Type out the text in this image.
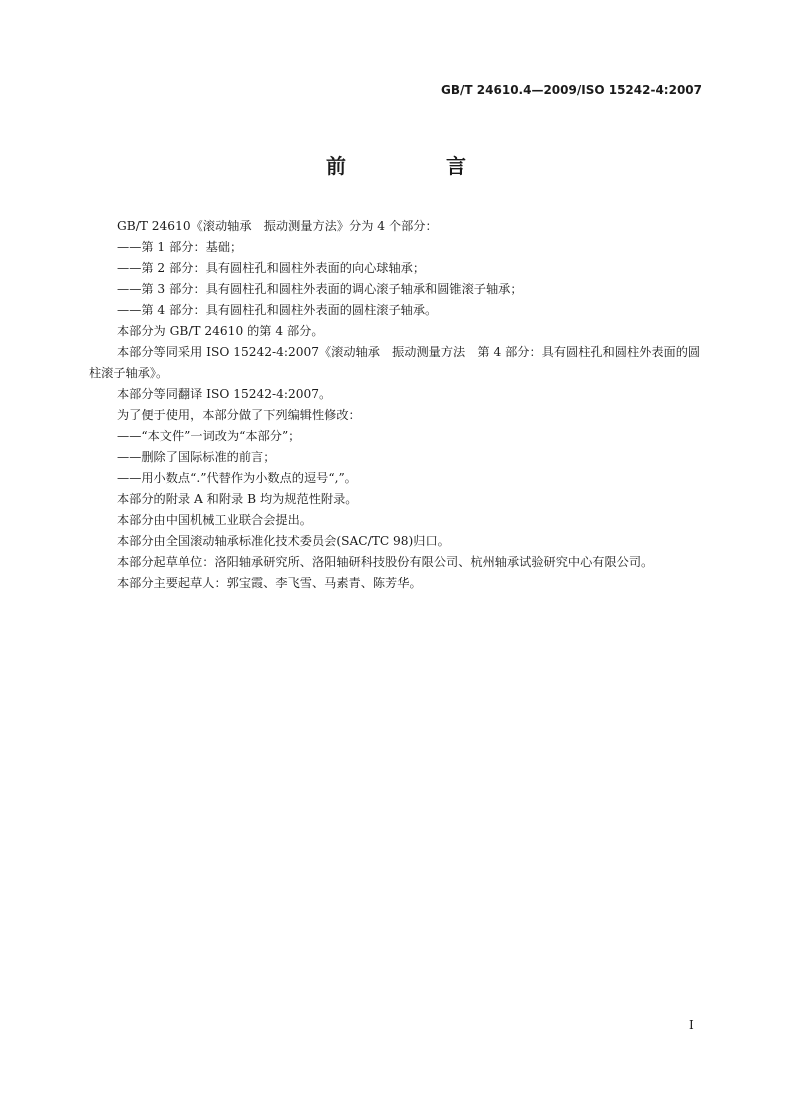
GB/T 24610.4—2009/ISO 15242-4:2007
前　言

GB/T 24610《滚动轴承　振动测量方法》分为 4 个部分：

——第 1 部分：基础；

——第 2 部分：具有圆柱孔和圆柱外表面的向心球轴承；

——第 3 部分：具有圆柱孔和圆柱外表面的调心滚子轴承和圆锥滚子轴承；

——第 4 部分：具有圆柱孔和圆柱外表面的圆柱滚子轴承。

本部分为 GB/T 24610 的第 4 部分。

本部分等同采用 ISO 15242-4:2007《滚动轴承　振动测量方法　第 4 部分：具有圆柱孔和圆柱外表面的圆柱滚子轴承》。

本部分等同翻译 ISO 15242-4:2007。

为了便于使用，本部分做了下列编辑性修改：

——“本文件”一词改为“本部分”；

——删除了国际标准的前言；

——用小数点“.”代替作为小数点的逗号“,”。

本部分的附录 A 和附录 B 均为规范性附录。

本部分由中国机械工业联合会提出。

本部分由全国滚动轴承标准化技术委员会(SAC/TC 98)归口。

本部分起草单位：洛阳轴承研究所、洛阳轴研科技股份有限公司、杭州轴承试验研究中心有限公司。

本部分主要起草人：郭宝霞、李飞雪、马素青、陈芳华。

I
